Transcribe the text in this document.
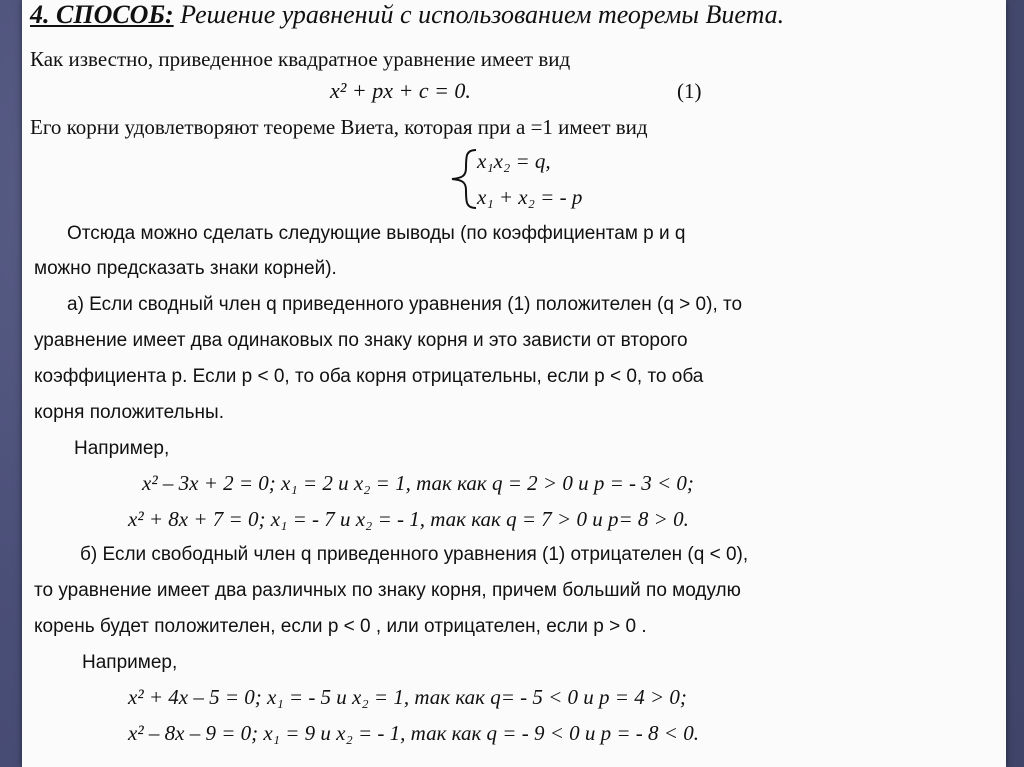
4. СПОСОБ: Решение уравнений с использованием теоремы Виета.
Как известно, приведенное квадратное уравнение имеет вид
x² + px + c = 0.	(1)
Его корни удовлетворяют теореме Виета, которая при a =1 имеет вид
x₁x₂ = q,
x₁ + x₂ = - p
Отсюда можно сделать следующие выводы (по коэффициентам p и q
можно предсказать знаки корней).
а) Если сводный член q приведенного уравнения (1) положителен (q > 0), то
уравнение имеет два одинаковых по знаку корня и это зависти от второго
коэффициента p. Если p < 0, то оба корня отрицательны, если p < 0, то оба
корня положительны.
Например,
x² – 3x + 2 = 0; x₁ = 2 и x₂ = 1, так как q = 2 > 0 и p = - 3 < 0;
x² + 8x + 7 = 0; x₁ = - 7 и x₂ = - 1, так как q = 7 > 0 и p= 8 > 0.
б) Если свободный член q приведенного уравнения (1) отрицателен (q < 0),
то уравнение имеет два различных по знаку корня, причем больший по модулю
корень будет положителен, если p < 0 , или отрицателен, если p > 0 .
Например,
x² + 4x – 5 = 0; x₁ = - 5 и x₂ = 1, так как q= - 5 < 0 и p = 4 > 0;
x² – 8x – 9 = 0; x₁ = 9 и x₂ = - 1, так как q = - 9 < 0 и p = - 8 < 0.
